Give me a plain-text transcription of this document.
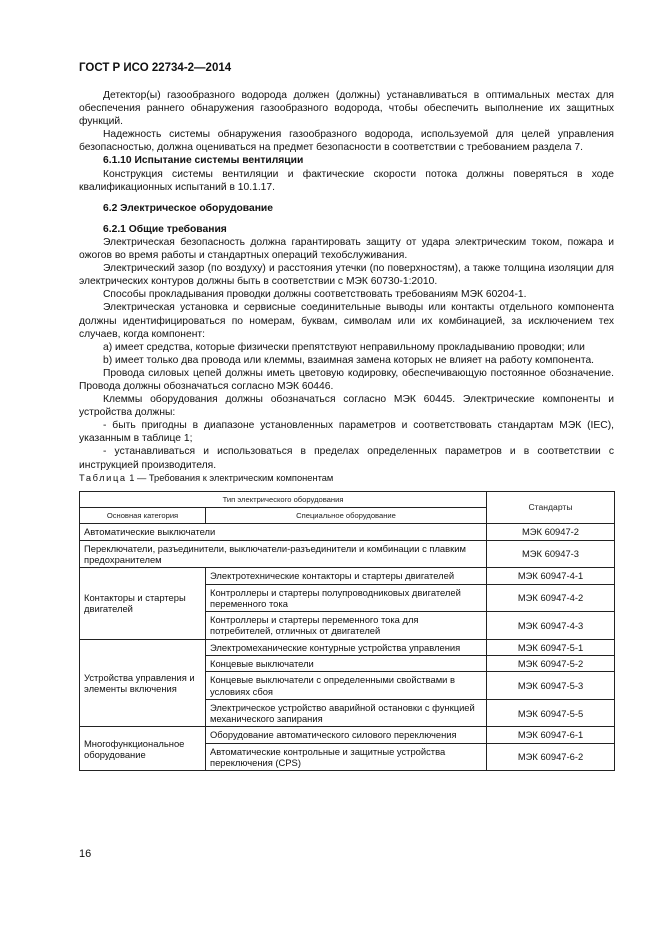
ГОСТ Р ИСО 22734-2—2014

Детектор(ы) газообразного водорода должен (должны) устанавливаться в оптимальных местах для обеспечения раннего обнаружения газообразного водорода, чтобы обеспечить выполнение их защитных функций.

Надежность системы обнаружения газообразного водорода, используемой для целей управления безопасностью, должна оцениваться на предмет безопасности в соответствии с требованием раздела 7.

6.1.10 Испытание системы вентиляции

Конструкция системы вентиляции и фактические скорости потока должны поверяться в ходе квалификационных испытаний в 10.1.17.

6.2 Электрическое оборудование
6.2.1 Общие требования

Электрическая безопасность должна гарантировать защиту от удара электрическим током, пожара и ожогов во время работы и стандартных операций техобслуживания.

Электрический зазор (по воздуху) и расстояния утечки (по поверхностям), а также толщина изоляции для электрических контуров должны быть в соответствии с МЭК 60730-1:2010.

Способы прокладывания проводки должны соответствовать требованиям МЭК 60204-1.

Электрическая установка и сервисные соединительные выводы или контакты отдельного компонента должны идентифицироваться по номерам, буквам, символам или их комбинацией, за исключением тех случаев, когда компонент:

a) имеет средства, которые физически препятствуют неправильному прокладыванию проводки; или

b) имеет только два провода или клеммы, взаимная замена которых не влияет на работу компонента.

Провода силовых цепей должны иметь цветовую кодировку, обеспечивающую постоянное обозначение. Провода должны обозначаться согласно МЭК 60446.

Клеммы оборудования должны обозначаться согласно МЭК 60445. Электрические компоненты и устройства должны:

- быть пригодны в диапазоне установленных параметров и соответствовать стандартам МЭК (IEC), указанным в таблице 1;

- устанавливаться и использоваться в пределах определенных параметров и в соответствии с инструкцией производителя.

Таблица 1 — Требования к электрическим компонентам

Тип электрического оборудования		Стандарты
Основная категория	Специальное оборудование	
Автоматические выключатели		МЭК 60947-2
Переключатели, разъединители, выключатели-разъединители и комбинации с плавким предохранителем		МЭК 60947-3
Контакторы и стартеры двигателей	Электротехнические контакторы и стартеры двигателей	МЭК 60947-4-1
	Контроллеры и стартеры полупроводниковых двигателей переменного тока	МЭК 60947-4-2
	Контроллеры и стартеры переменного тока для потребителей, отличных от двигателей	МЭК 60947-4-3
Устройства управления и элементы включения	Электромеханические контурные устройства управления	МЭК 60947-5-1
	Концевые выключатели	МЭК 60947-5-2
	Концевые выключатели с определенными свойствами в условиях сбоя	МЭК 60947-5-3
	Электрическое устройство аварийной остановки с функцией механического запирания	МЭК 60947-5-5
Многофункциональное оборудование	Оборудование автоматического силового переключения	МЭК 60947-6-1
	Автоматические контрольные и защитные устройства переключения (CPS)	МЭК 60947-6-2
16
